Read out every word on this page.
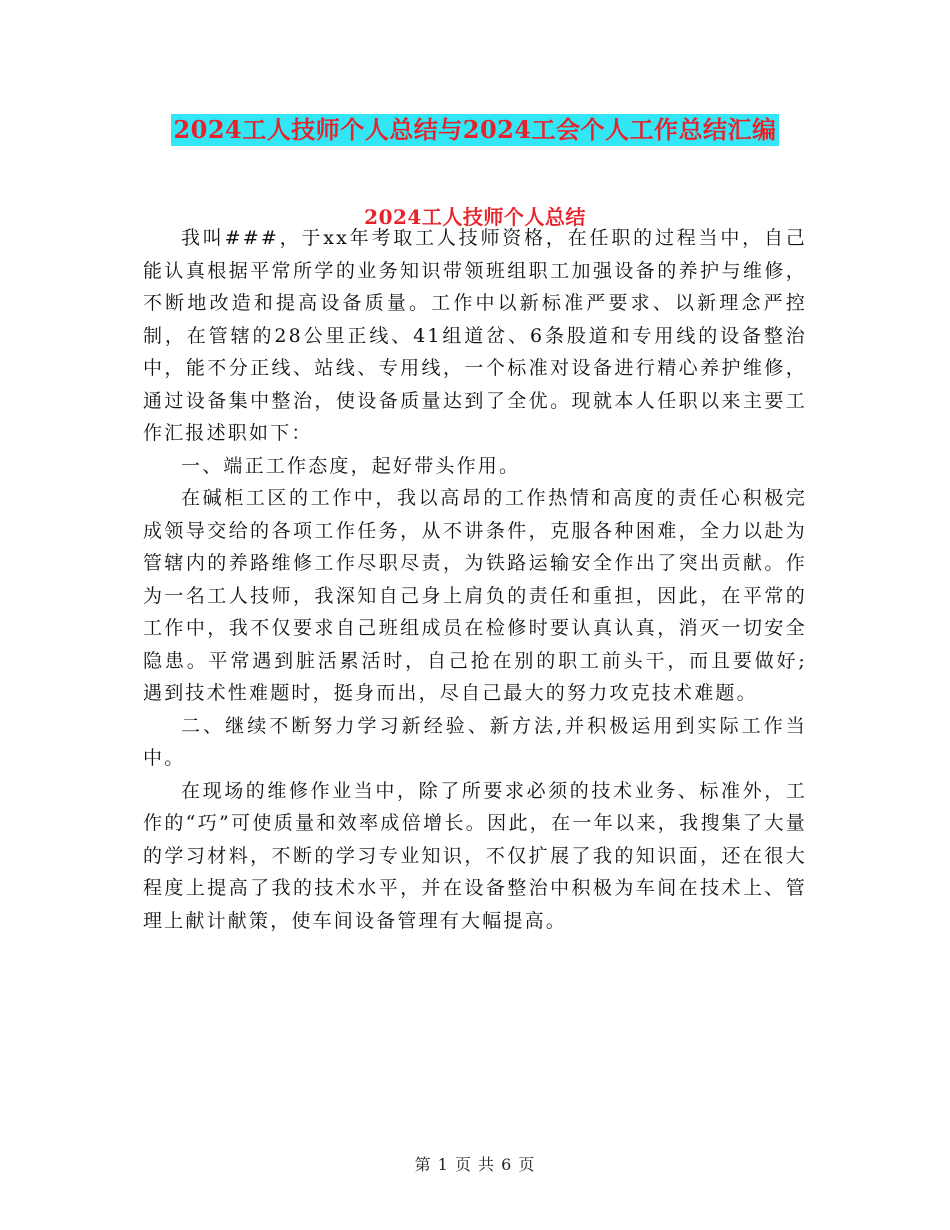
2024工人技师个人总结与2024工会个人工作总结汇编
2024工人技师个人总结

我叫###，于xx年考取工人技师资格，在任职的过程当中，自己能认真根据平常所学的业务知识带领班组职工加强设备的养护与维修，不断地改造和提高设备质量。工作中以新标准严要求、以新理念严控制，在管辖的28公里正线、41组道岔、6条股道和专用线的设备整治中，能不分正线、站线、专用线，一个标准对设备进行精心养护维修，通过设备集中整治，使设备质量达到了全优。现就本人任职以来主要工作汇报述职如下：

一、端正工作态度，起好带头作用。

在碱柜工区的工作中，我以高昂的工作热情和高度的责任心积极完成领导交给的各项工作任务，从不讲条件，克服各种困难，全力以赴为管辖内的养路维修工作尽职尽责，为铁路运输安全作出了突出贡献。作为一名工人技师，我深知自己身上肩负的责任和重担，因此，在平常的工作中，我不仅要求自己班组成员在检修时要认真认真，消灭一切安全隐患。平常遇到脏活累活时，自己抢在别的职工前头干，而且要做好;遇到技术性难题时，挺身而出，尽自己最大的努力攻克技术难题。

二、继续不断努力学习新经验、新方法,并积极运用到实际工作当中。

在现场的维修作业当中，除了所要求必须的技术业务、标准外，工作的“巧”可使质量和效率成倍增长。因此，在一年以来，我搜集了大量的学习材料，不断的学习专业知识，不仅扩展了我的知识面，还在很大程度上提高了我的技术水平，并在设备整治中积极为车间在技术上、管理上献计献策，使车间设备管理有大幅提高。

第 1 页 共 6 页
